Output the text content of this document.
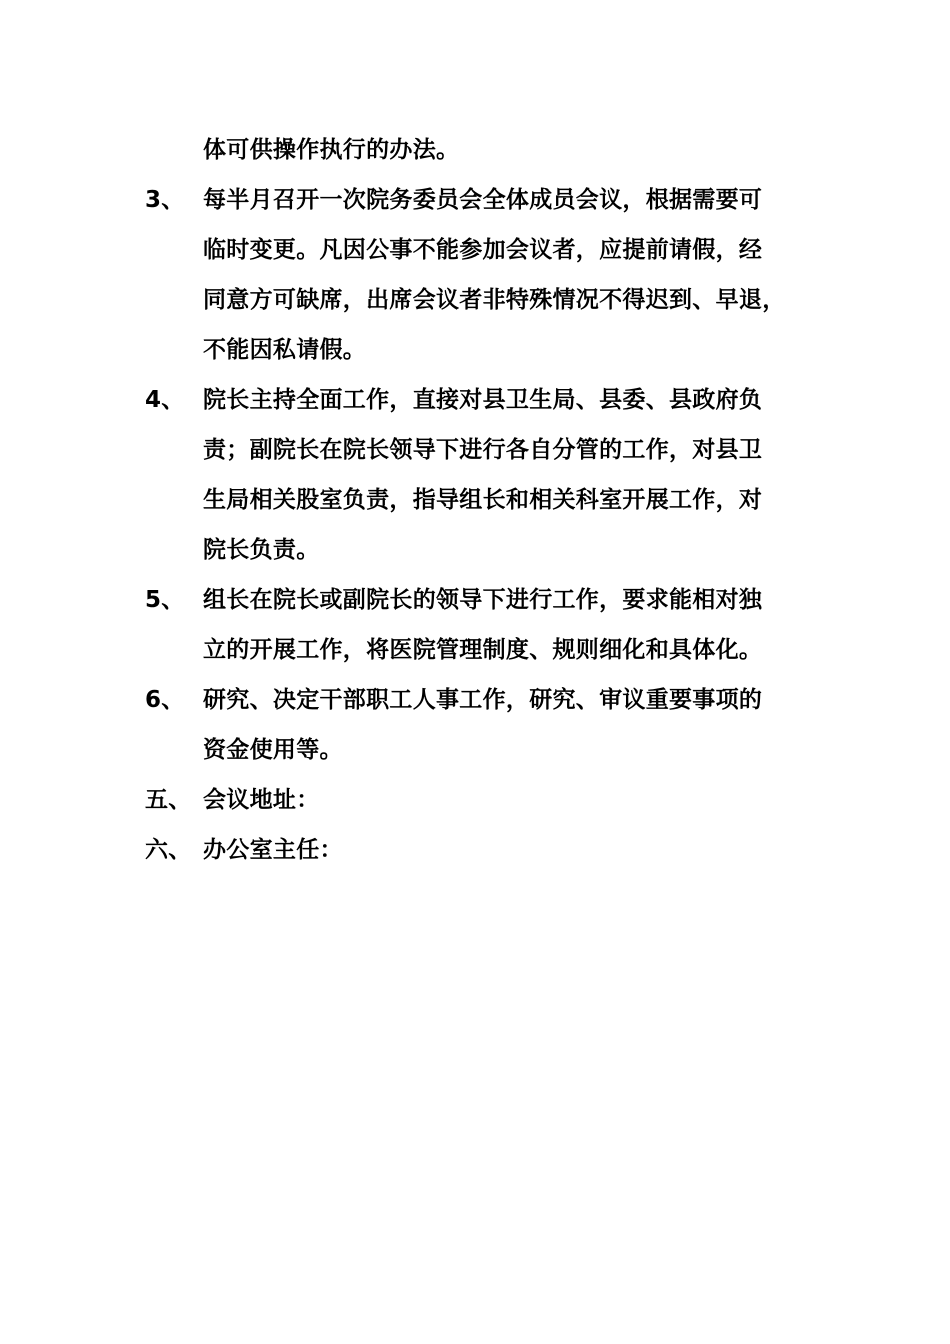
体可供操作执行的办法。
3、 每半月召开一次院务委员会全体成员会议，根据需要可
临时变更。凡因公事不能参加会议者，应提前请假，经
同意方可缺席，出席会议者非特殊情况不得迟到、早退，
不能因私请假。
4、 院长主持全面工作，直接对县卫生局、县委、县政府负
责；副院长在院长领导下进行各自分管的工作，对县卫
生局相关股室负责，指导组长和相关科室开展工作，对
院长负责。
5、 组长在院长或副院长的领导下进行工作，要求能相对独
立的开展工作，将医院管理制度、规则细化和具体化。
6、 研究、决定干部职工人事工作，研究、审议重要事项的
资金使用等。
五、 会议地址：
六、 办公室主任：
